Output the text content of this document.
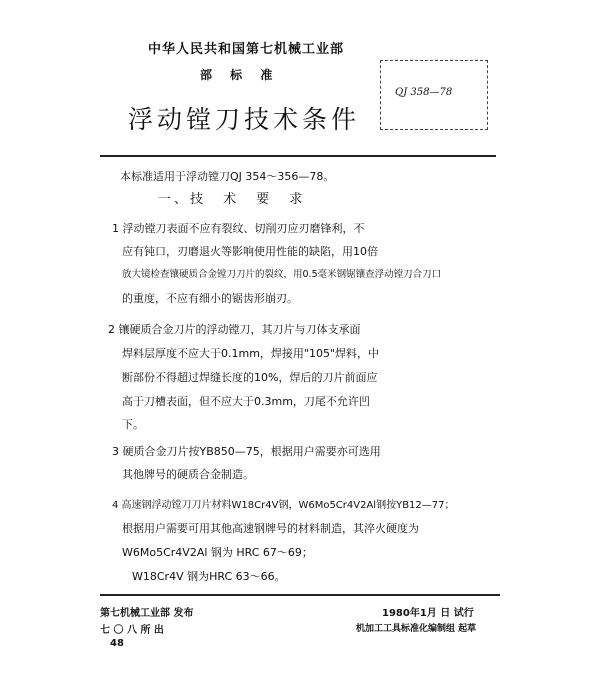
中华人民共和国第七机械工业部
部 标 准
浮动镗刀技术条件
QJ 358—78
本标准适用于浮动镗刀QJ 354～356—78。
一、技 术 要 求
1 浮动镗刀表面不应有裂纹、切削刃应刃磨锋利，不
应有钝口，刃磨退火等影响使用性能的缺陷，用10倍
放大镜检查镶硬质合金镗刀刀片的裂纹，用0.5毫米钢锯镶查浮动镗刀合刀口
的重度，不应有细小的锯齿形崩刃。
2 镶硬质合金刀片的浮动镗刀，其刀片与刀体支承面
焊料层厚度不应大于0.1mm，焊接用"105"焊料，中
断部份不得超过焊缝长度的10%，焊后的刀片前面应
高于刀槽表面，但不应大于0.3mm，刀尾不允许凹
下。
3 硬质合金刀片按YB850—75，根据用户需要亦可选用
其他牌号的硬质合金制造。
4 高速钢浮动镗刀刀片材料W18Cr4V钢，W6Mo5Cr4V2Al钢按YB12—77；
根据用户需要可用其他高速钢牌号的材料制造，其淬火硬度为
W6Mo5Cr4V2Al 钢为 HRC 67～69；
W18Cr4V 钢为HRC 63～66。
第七机械工业部 发布
七 〇 八 所 出
48
1980年1月 日 试行
机加工工具标准化编制组 起草
